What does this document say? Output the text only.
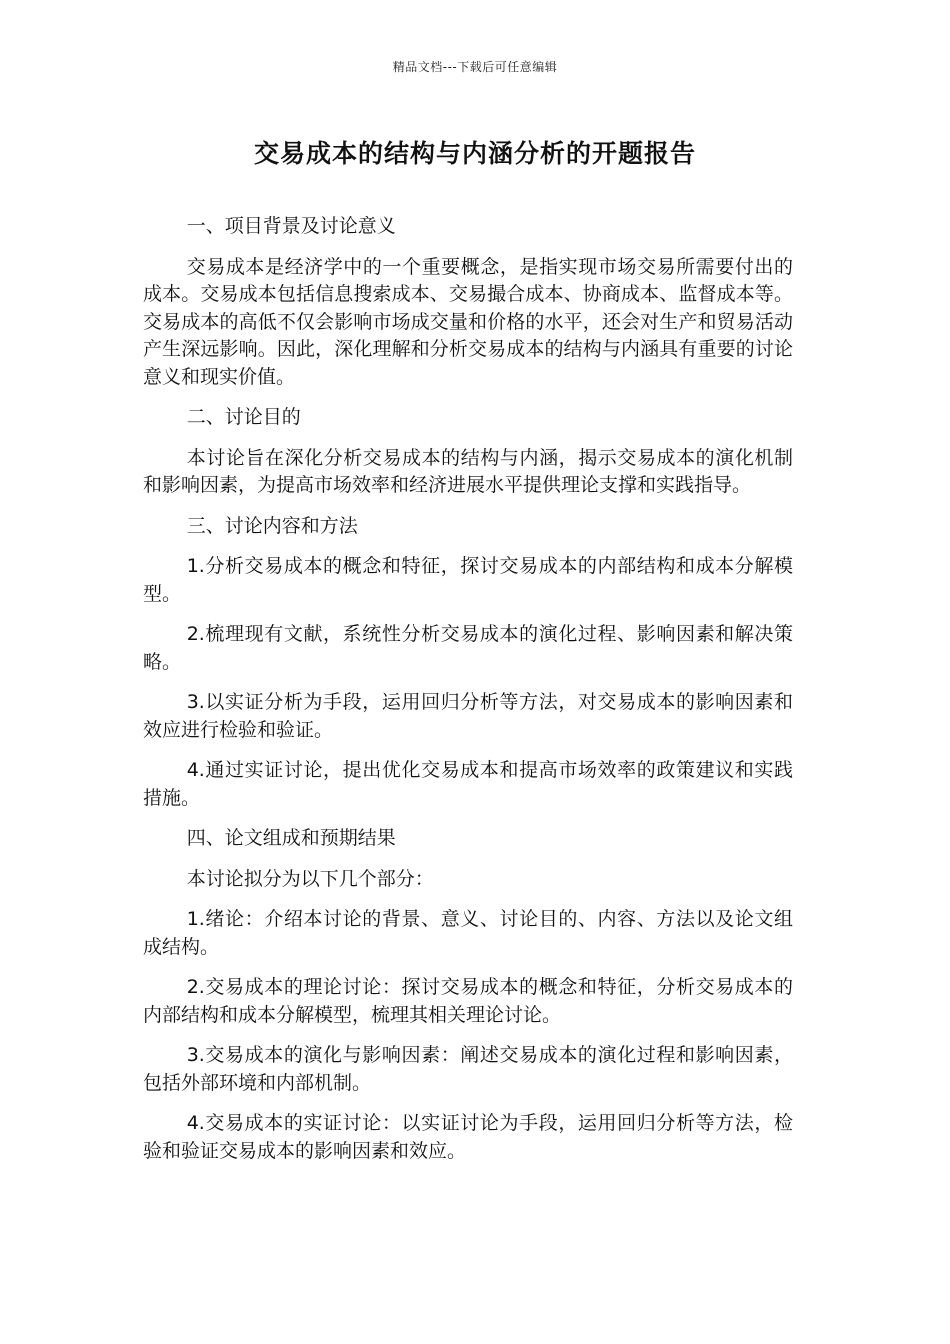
精品文档---下载后可任意编辑
交易成本的结构与内涵分析的开题报告

一、项目背景及讨论意义

交易成本是经济学中的一个重要概念，是指实现市场交易所需要付出的成本。交易成本包括信息搜索成本、交易撮合成本、协商成本、监督成本等。交易成本的高低不仅会影响市场成交量和价格的水平，还会对生产和贸易活动产生深远影响。因此，深化理解和分析交易成本的结构与内涵具有重要的讨论意义和现实价值。

二、讨论目的

本讨论旨在深化分析交易成本的结构与内涵，揭示交易成本的演化机制和影响因素，为提高市场效率和经济进展水平提供理论支撑和实践指导。

三、讨论内容和方法

1.分析交易成本的概念和特征，探讨交易成本的内部结构和成本分解模型。

2.梳理现有文献，系统性分析交易成本的演化过程、影响因素和解决策略。

3.以实证分析为手段，运用回归分析等方法，对交易成本的影响因素和效应进行检验和验证。

4.通过实证讨论，提出优化交易成本和提高市场效率的政策建议和实践措施。

四、论文组成和预期结果

本讨论拟分为以下几个部分：

1.绪论：介绍本讨论的背景、意义、讨论目的、内容、方法以及论文组成结构。

2.交易成本的理论讨论：探讨交易成本的概念和特征，分析交易成本的内部结构和成本分解模型，梳理其相关理论讨论。

3.交易成本的演化与影响因素：阐述交易成本的演化过程和影响因素，包括外部环境和内部机制。

4.交易成本的实证讨论：以实证讨论为手段，运用回归分析等方法，检验和验证交易成本的影响因素和效应。
